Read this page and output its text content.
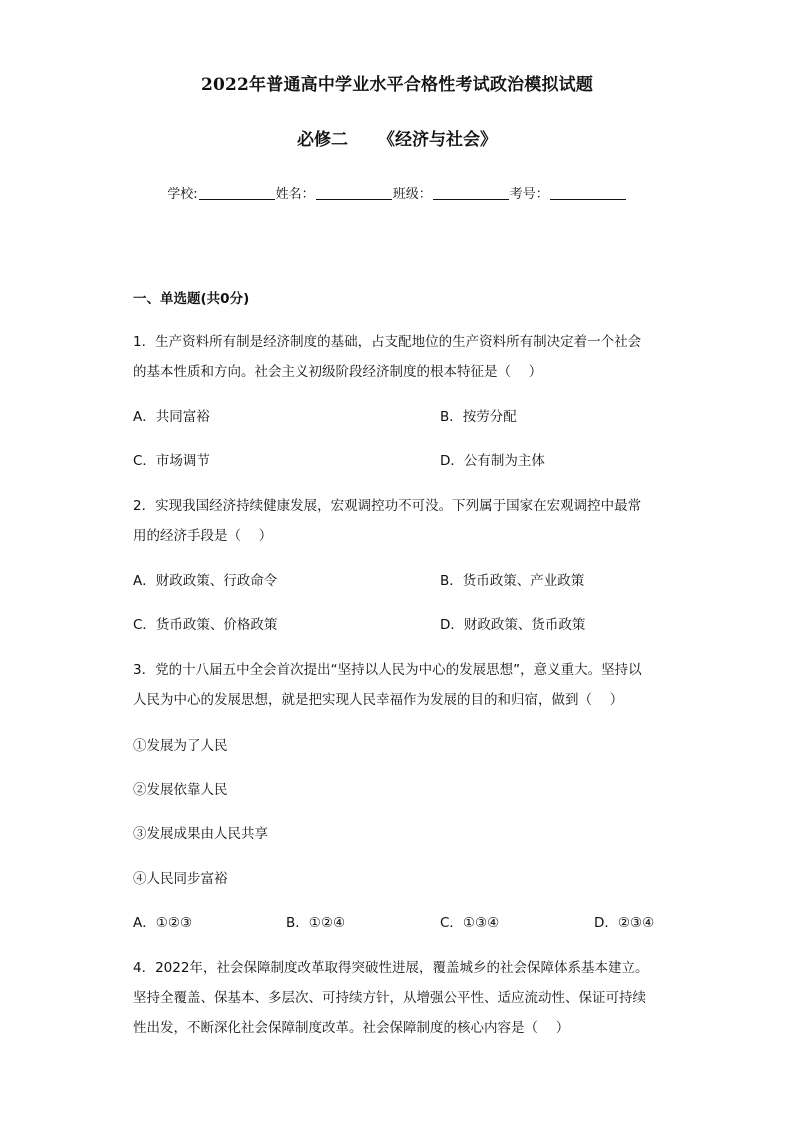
2022年普通高中学业水平合格性考试政治模拟试题
必修二 《经济与社会》
学校:	姓名：	班级：	考号：
一、单选题(共0分)
1．生产资料所有制是经济制度的基础，占支配地位的生产资料所有制决定着一个社会
的基本性质和方向。社会主义初级阶段经济制度的根本特征是（　 ）
A．共同富裕	B．按劳分配
C．市场调节	D．公有制为主体
2．实现我国经济持续健康发展，宏观调控功不可没。下列属于国家在宏观调控中最常
用的经济手段是（　 ）
A．财政政策、行政命令	B．货币政策、产业政策
C．货币政策、价格政策	D．财政政策、货币政策
3．党的十八届五中全会首次提出“坚持以人民为中心的发展思想”，意义重大。坚持以
人民为中心的发展思想，就是把实现人民幸福作为发展的目的和归宿，做到（　 ）
①发展为了人民
②发展依靠人民
③发展成果由人民共享
④人民同步富裕
A．①②③	B．①②④	C．①③④	D．②③④
4．2022年，社会保障制度改革取得突破性进展，覆盖城乡的社会保障体系基本建立。
坚持全覆盖、保基本、多层次、可持续方针，从增强公平性、适应流动性、保证可持续
性出发，不断深化社会保障制度改革。社会保障制度的核心内容是（　 ）
